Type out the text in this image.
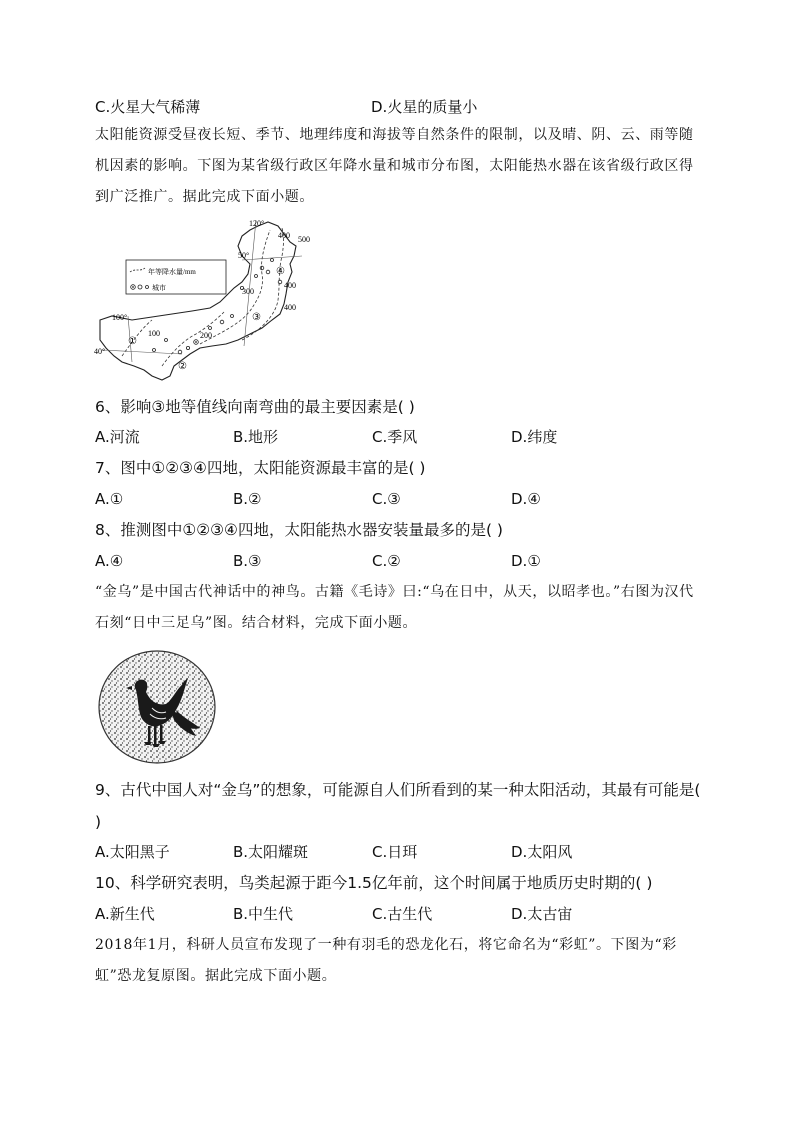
C.火星大气稀薄	D.火星的质量小
太阳能资源受昼夜长短、季节、地理纬度和海拔等自然条件的限制，以及晴、阴、云、雨等随机因素的影响。下图为某省级行政区年降水量和城市分布图，太阳能热水器在该省级行政区得到广泛推广。据此完成下面小题。
年等降水量/mm
城市
120°
100°
50°
40°
100	200
300
400 500
400
400
①
②
③
④
6、影响③地等值线向南弯曲的最主要因素是( )
A.河流	B.地形	C.季风	D.纬度
7、图中①②③④四地，太阳能资源最丰富的是( )
A.①	B.②	C.③	D.④
8、推测图中①②③④四地，太阳能热水器安装量最多的是( )
A.④	B.③	C.②	D.①
“金乌”是中国古代神话中的神鸟。古籍《毛诗》曰:“乌在日中，从天，以昭孝也。”右图为汉代石刻“日中三足乌”图。结合材料，完成下面小题。
9、古代中国人对“金乌”的想象，可能源自人们所看到的某一种太阳活动，其最有可能是( )
A.太阳黑子	B.太阳耀斑	C.日珥	D.太阳风
10、科学研究表明，鸟类起源于距今1.5亿年前，这个时间属于地质历史时期的( )
A.新生代	B.中生代	C.古生代	D.太古宙
2018年1月，科研人员宣布发现了一种有羽毛的恐龙化石，将它命名为“彩虹”。下图为“彩虹”恐龙复原图。据此完成下面小题。
